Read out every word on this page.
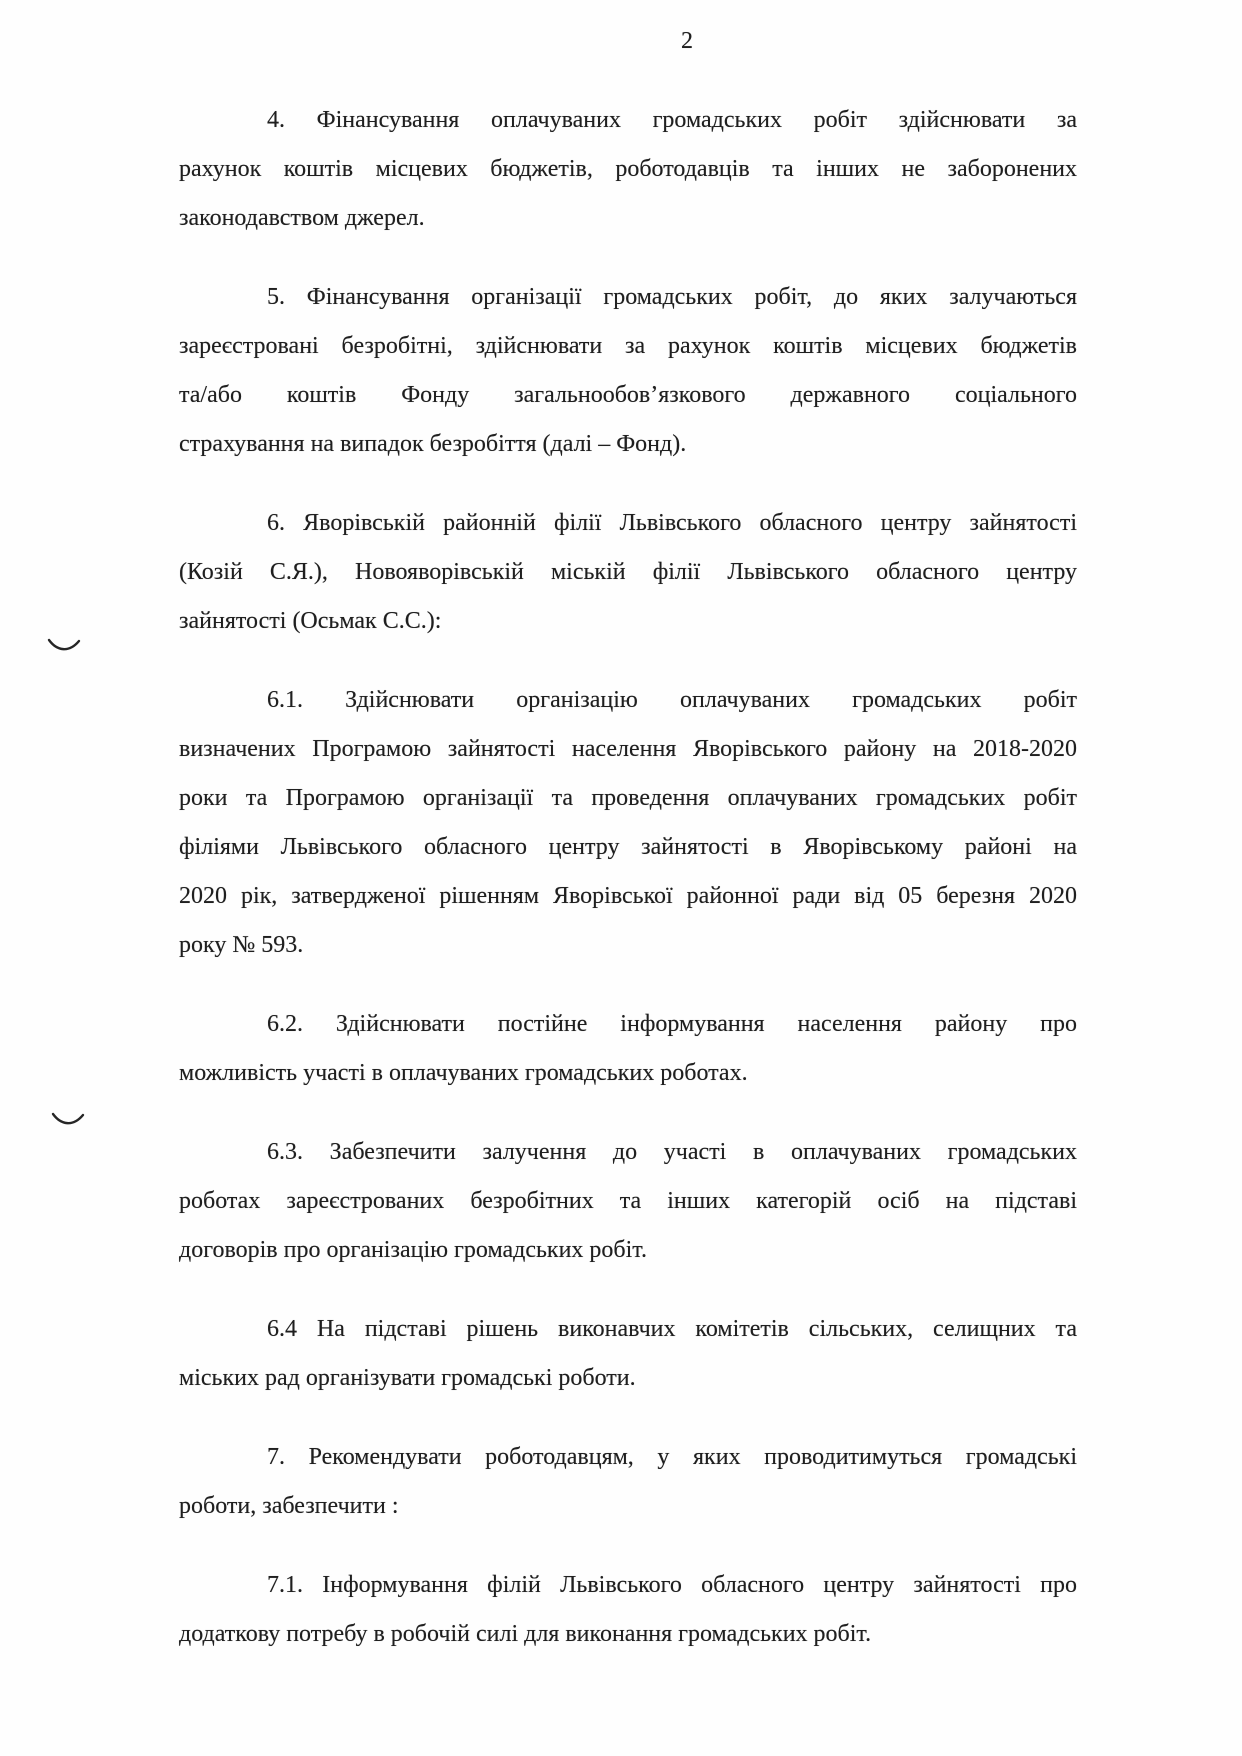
2
4. Фінансування оплачуваних громадських робіт здійснювати за
рахунок коштів місцевих бюджетів, роботодавців та інших не заборонених
законодавством джерел.
5. Фінансування організації громадських робіт, до яких залучаються
зареєстровані безробітні, здійснювати за рахунок коштів місцевих бюджетів
та/або коштів Фонду загальнообов’язкового державного соціального
страхування на випадок безробіття (далі – Фонд).
6. Яворівській районній філії Львівського обласного центру зайнятості
(Козій С.Я.), Новояворівській міській філії Львівського обласного центру
зайнятості (Осьмак С.С.):
6.1. Здійснювати організацію оплачуваних громадських робіт
визначених Програмою зайнятості населення Яворівського району на 2018-2020
роки та Програмою організації та проведення оплачуваних громадських робіт
філіями Львівського обласного центру зайнятості в Яворівському районі на
2020 рік, затвердженої рішенням Яворівської районної ради від 05 березня 2020
року № 593.
6.2. Здійснювати постійне інформування населення району про
можливість участі в оплачуваних громадських роботах.
6.3. Забезпечити залучення до участі в оплачуваних громадських
роботах зареєстрованих безробітних та інших категорій осіб на підставі
договорів про організацію громадських робіт.
6.4 На підставі рішень виконавчих комітетів сільських, селищних та
міських рад організувати громадські роботи.
7. Рекомендувати роботодавцям, у яких проводитимуться громадські
роботи, забезпечити :
7.1. Інформування філій Львівського обласного центру зайнятості про
додаткову потребу в робочій силі для виконання громадських робіт.
